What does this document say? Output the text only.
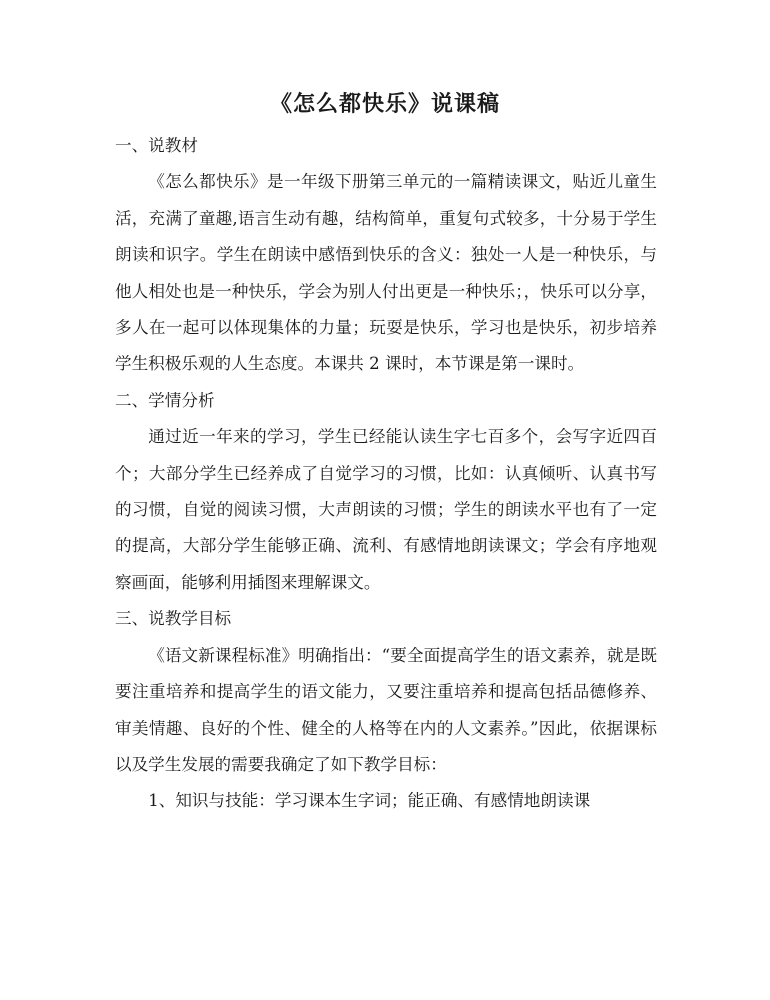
《怎么都快乐》说课稿
一、说教材

《怎么都快乐》是一年级下册第三单元的一篇精读课文，贴近儿童生活，充满了童趣,语言生动有趣，结构简单，重复句式较多，十分易于学生朗读和识字。学生在朗读中感悟到快乐的含义：独处一人是一种快乐，与他人相处也是一种快乐，学会为别人付出更是一种快乐；，快乐可以分享，多人在一起可以体现集体的力量；玩耍是快乐，学习也是快乐，初步培养学生积极乐观的人生态度。本课共 2 课时，本节课是第一课时。

二、学情分析

通过近一年来的学习，学生已经能认读生字七百多个，会写字近四百个；大部分学生已经养成了自觉学习的习惯，比如：认真倾听、认真书写的习惯，自觉的阅读习惯，大声朗读的习惯；学生的朗读水平也有了一定的提高，大部分学生能够正确、流利、有感情地朗读课文；学会有序地观察画面，能够利用插图来理解课文。

三、说教学目标

《语文新课程标准》明确指出：“要全面提高学生的语文素养，就是既要注重培养和提高学生的语文能力，又要注重培养和提高包括品德修养、审美情趣、良好的个性、健全的人格等在内的人文素养。”因此，依据课标以及学生发展的需要我确定了如下教学目标：

1、知识与技能：学习课本生字词；能正确、有感情地朗读课
